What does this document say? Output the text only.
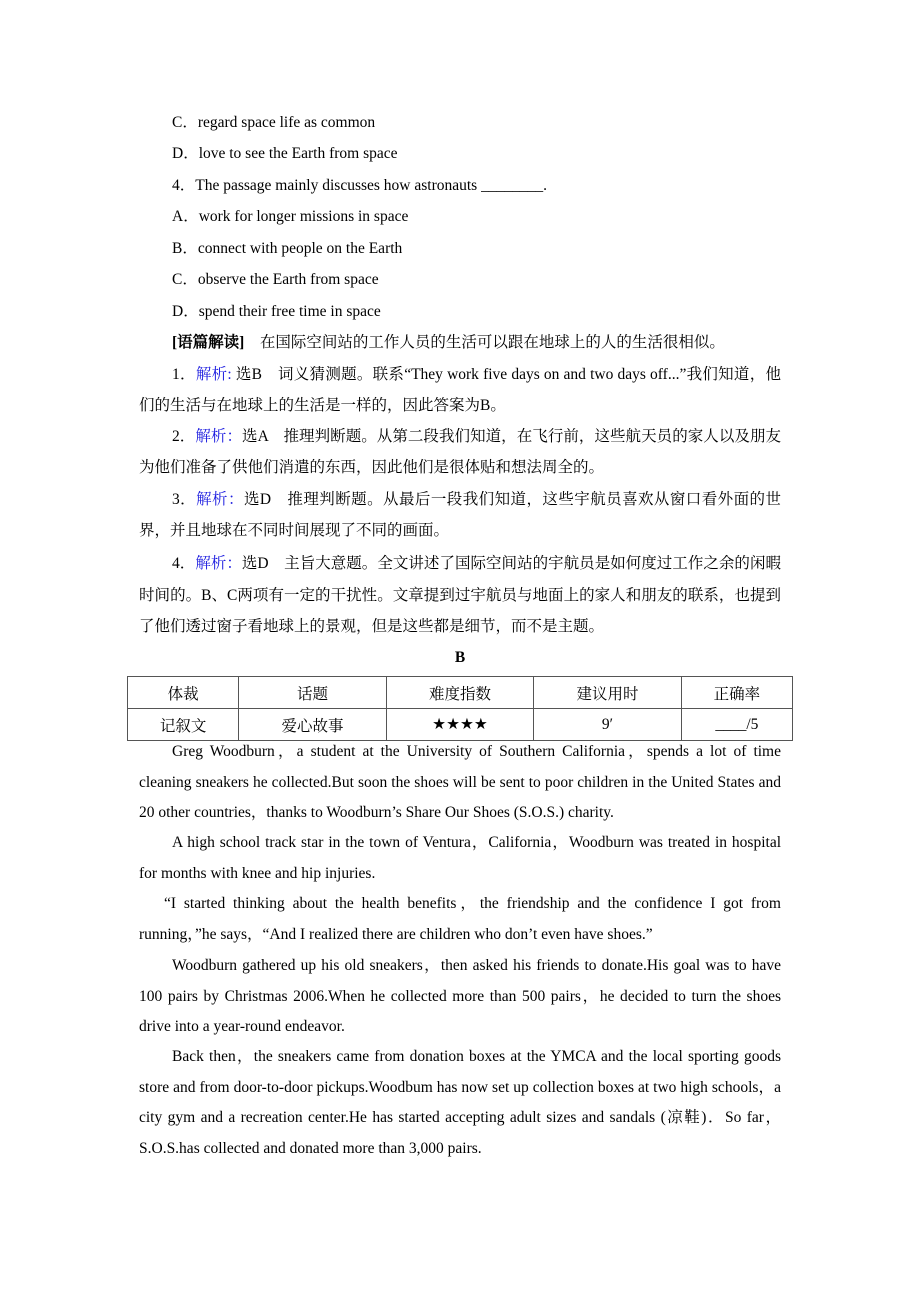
C．regard space life as common
D．love to see the Earth from space
4．The passage mainly discusses how astronauts ________.
A．work for longer missions in space
B．connect with people on the Earth
C．observe the Earth from space
D．spend their free time in space
[语篇解读]　在国际空间站的工作人员的生活可以跟在地球上的人的生活很相似。
1．解析: 选B　词义猜测题。联系“They work five days on and two days off...”我们知道，他们的生活与在地球上的生活是一样的，因此答案为B。
2．解析：选A　推理判断题。从第二段我们知道，在飞行前，这些航天员的家人以及朋友为他们准备了供他们消遣的东西，因此他们是很体贴和想法周全的。
3．解析：选D　推理判断题。从最后一段我们知道，这些宇航员喜欢从窗口看外面的世界，并且地球在不同时间展现了不同的画面。
4．解析：选D　主旨大意题。全文讲述了国际空间站的宇航员是如何度过工作之余的闲暇时间的。B、C两项有一定的干扰性。文章提到过宇航员与地面上的家人和朋友的联系，也提到了他们透过窗子看地球上的景观，但是这些都是细节，而不是主题。
B
体裁	话题	难度指数	建议用时	正确率
记叙文	爱心故事	★★★★	9′	____/5
Greg Woodburn，a student at the University of Southern California，spends a lot of time cleaning sneakers he collected.But soon the shoes will be sent to poor children in the United States and 20 other countries，thanks to Woodburn’s Share Our Shoes (S.O.S.) charity.
A high school track star in the town of Ventura，California，Woodburn was treated in hospital for months with knee and hip injuries.
“I started thinking about the health benefits，the friendship and the confidence I got from running，”he says，“And I realized there are children who don’t even have shoes.”
Woodburn gathered up his old sneakers，then asked his friends to donate.His goal was to have 100 pairs by Christmas 2006.When he collected more than 500 pairs，he decided to turn the shoes drive into a year-round endeavor.
Back then，the sneakers came from donation boxes at the YMCA and the local sporting goods store and from door-to-door pickups.Woodbum has now set up collection boxes at two high schools，a city gym and a recreation center.He has started accepting adult sizes and sandals (凉鞋)．So far，S.O.S.has collected and donated more than 3,000 pairs.
